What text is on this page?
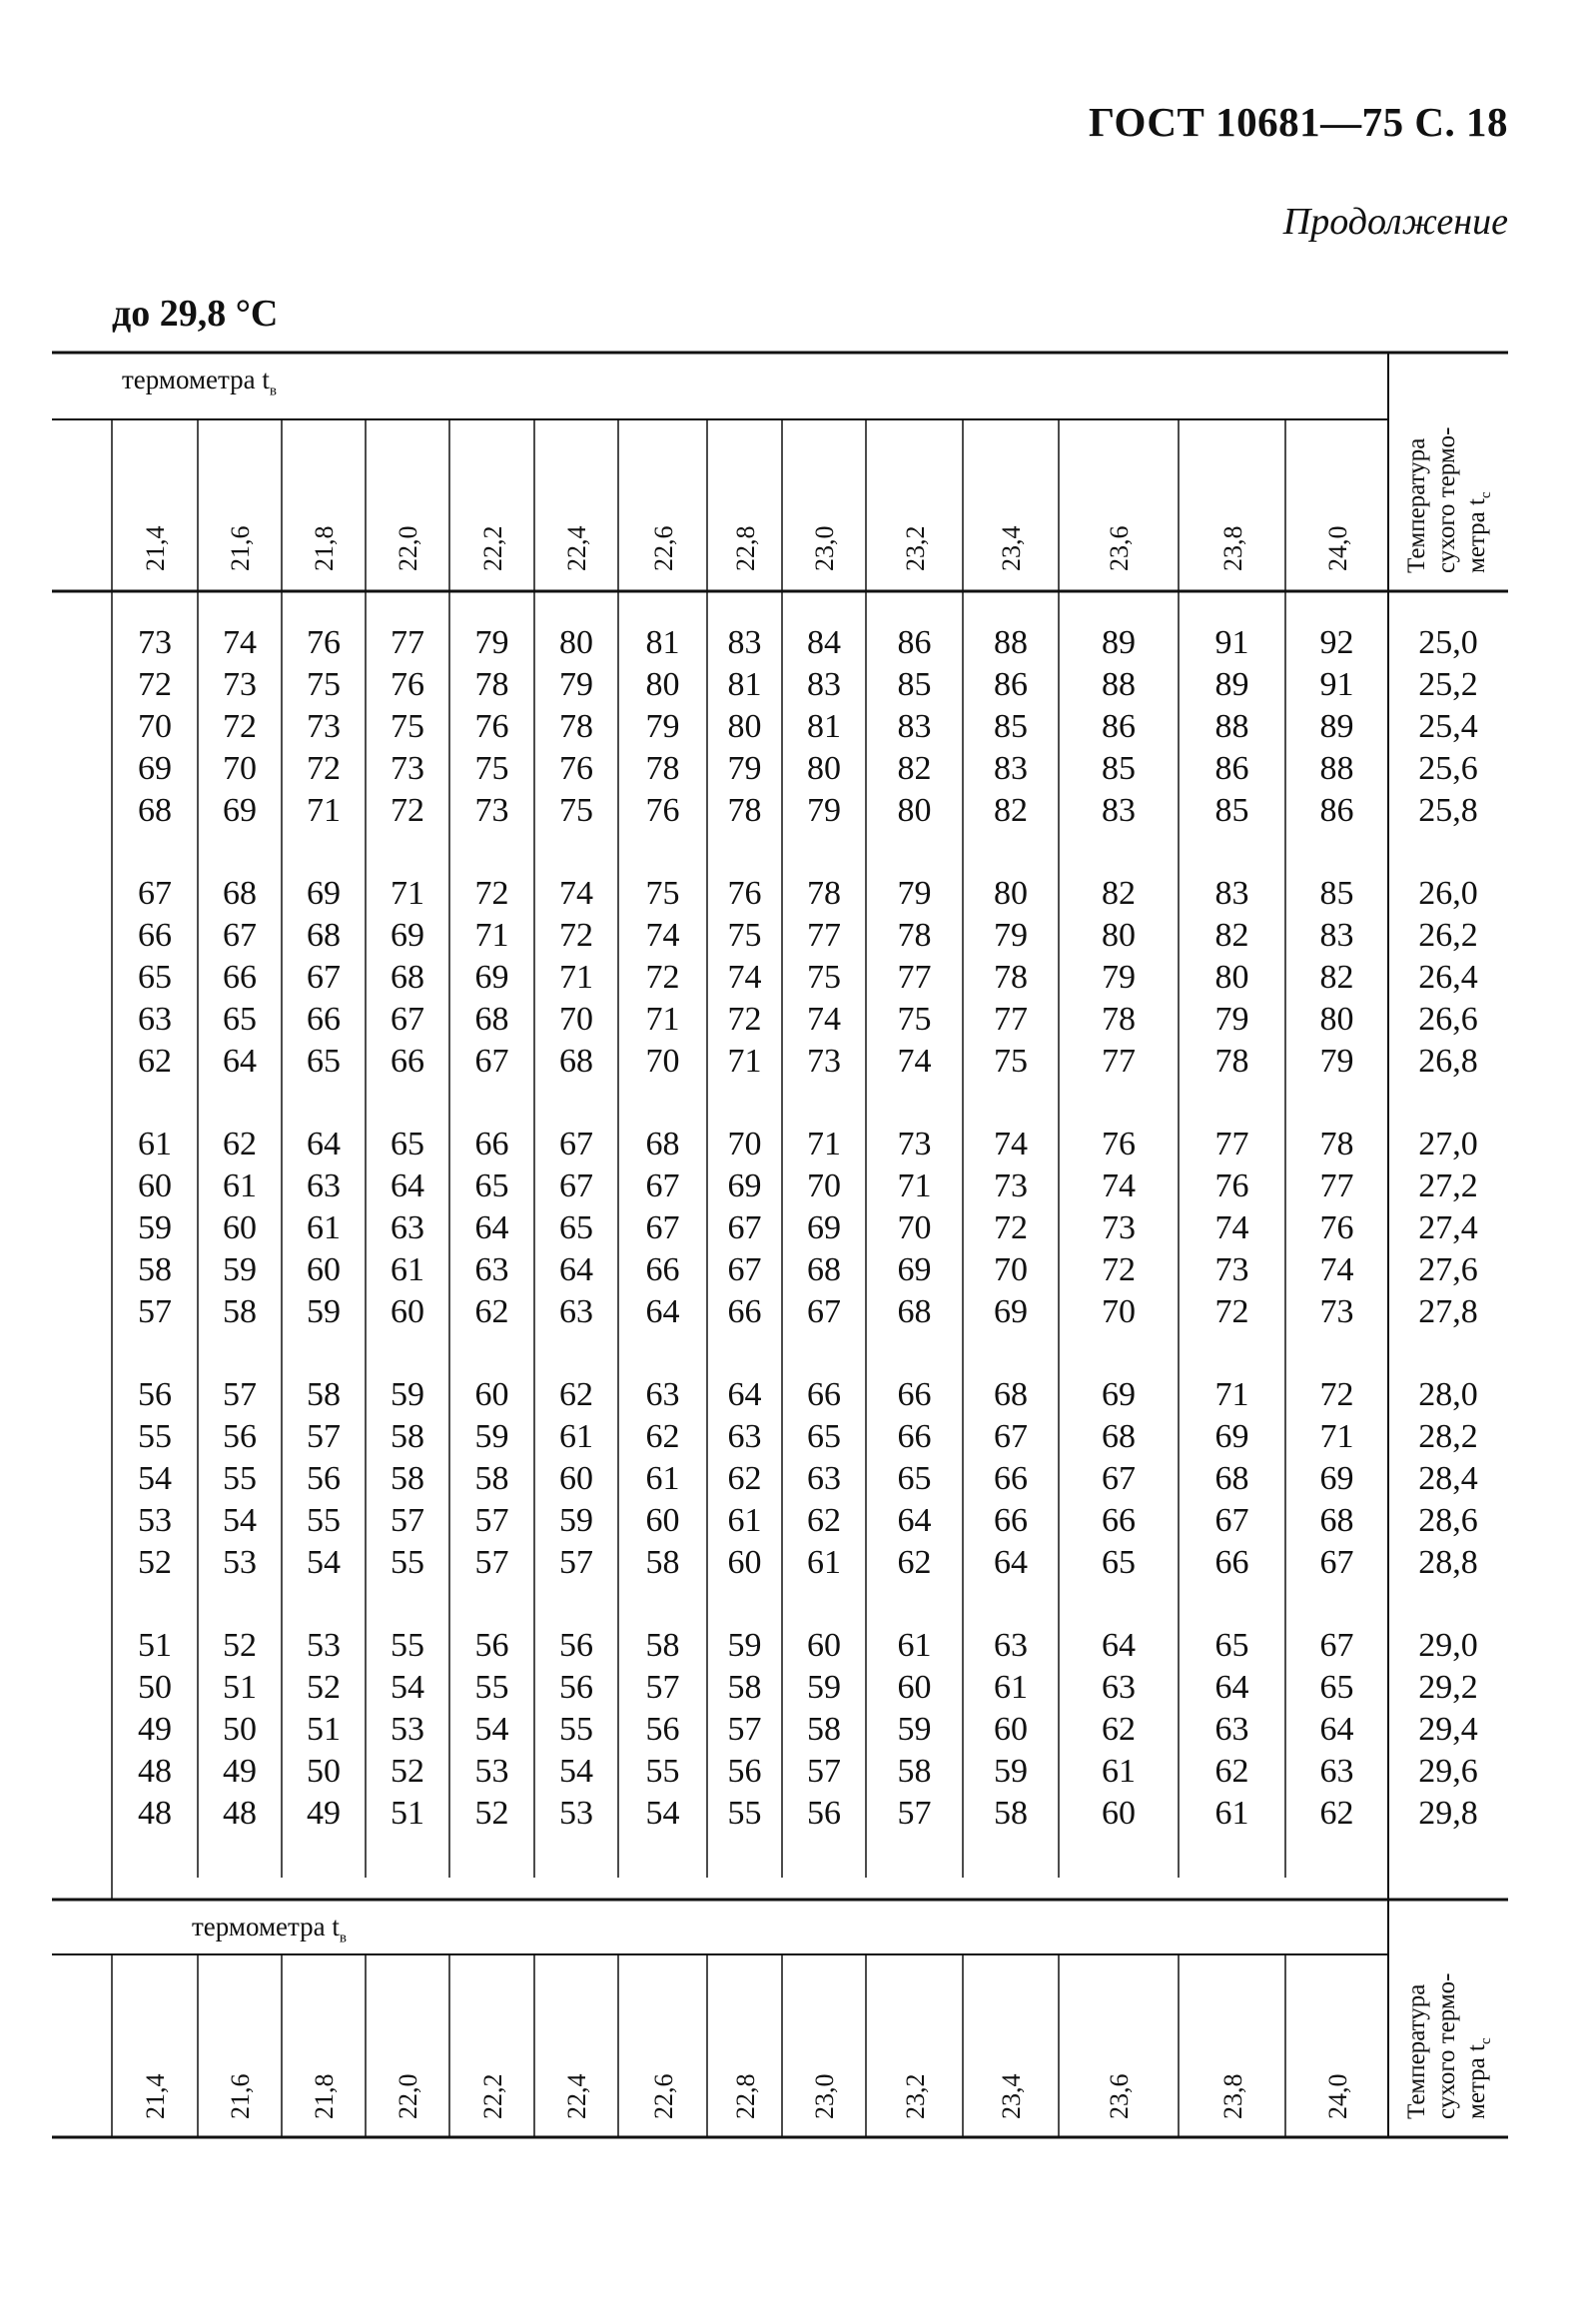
ГОСТ 10681—75 С. 18
Продолжение
до 29,8 °С
термометра $t_в$
21,4 21,6 21,8 22,0 22,2 22,4 22,6 22,8 23,0 23,2	23,4	23,6	23,8	24,0 Температура сухого термо- метра $t_с$
термометра $t_в$
21,4 21,6 21,8 22,0 22,2 22,4 22,6 22,8 23,0 23,2	23,4	23,6	23,8	24,0 Температура сухого термо- метра $t_с$
73	74	76	77	79	80	81	83	84	86	88	89	91	92	25,0
72	73	75	76	78	79	80	81	83	85	86	88	89	91	25,2
70	72	73	75	76	78	79	80	81	83	85	86	88	89	25,4
69	70	72	73	75	76	78	79	80	82	83	85	86	88	25,6
68	69	71	72	73	75	76	78	79	80	82	83	85	86	25,8
67	68	69	71	72	74	75	76	78	79	80	82	83	85	26,0
66	67	68	69	71	72	74	75	77	78	79	80	82	83	26,2
65	66	67	68	69	71	72	74	75	77	78	79	80	82	26,4
63	65	66	67	68	70	71	72	74	75	77	78	79	80	26,6
62	64	65	66	67	68	70	71	73	74	75	77	78	79	26,8
61	62	64	65	66	67	68	70	71	73	74	76	77	78	27,0
60	61	63	64	65	67	67	69	70	71	73	74	76	77	27,2
59	60	61	63	64	65	67	67	69	70	72	73	74	76	27,4
58	59	60	61	63	64	66	67	68	69	70	72	73	74	27,6
57	58	59	60	62	63	64	66	67	68	69	70	72	73	27,8
56	57	58	59	60	62	63	64	66	66	68	69	71	72	28,0
55	56	57	58	59	61	62	63	65	66	67	68	69	71	28,2
54	55	56	58	58	60	61	62	63	65	66	67	68	69	28,4
53	54	55	57	57	59	60	61	62	64	66	66	67	68	28,6
52	53	54	55	57	57	58	60	61	62	64	65	66	67	28,8
51	52	53	55	56	56	58	59	60	61	63	64	65	67	29,0
50	51	52	54	55	56	57	58	59	60	61	63	64	65	29,2
49	50	51	53	54	55	56	57	58	59	60	62	63	64	29,4
48	49	50	52	53	54	55	56	57	58	59	61	62	63	29,6
48	48	49	51	52	53	54	55	56	57	58	60	61	62	29,8
